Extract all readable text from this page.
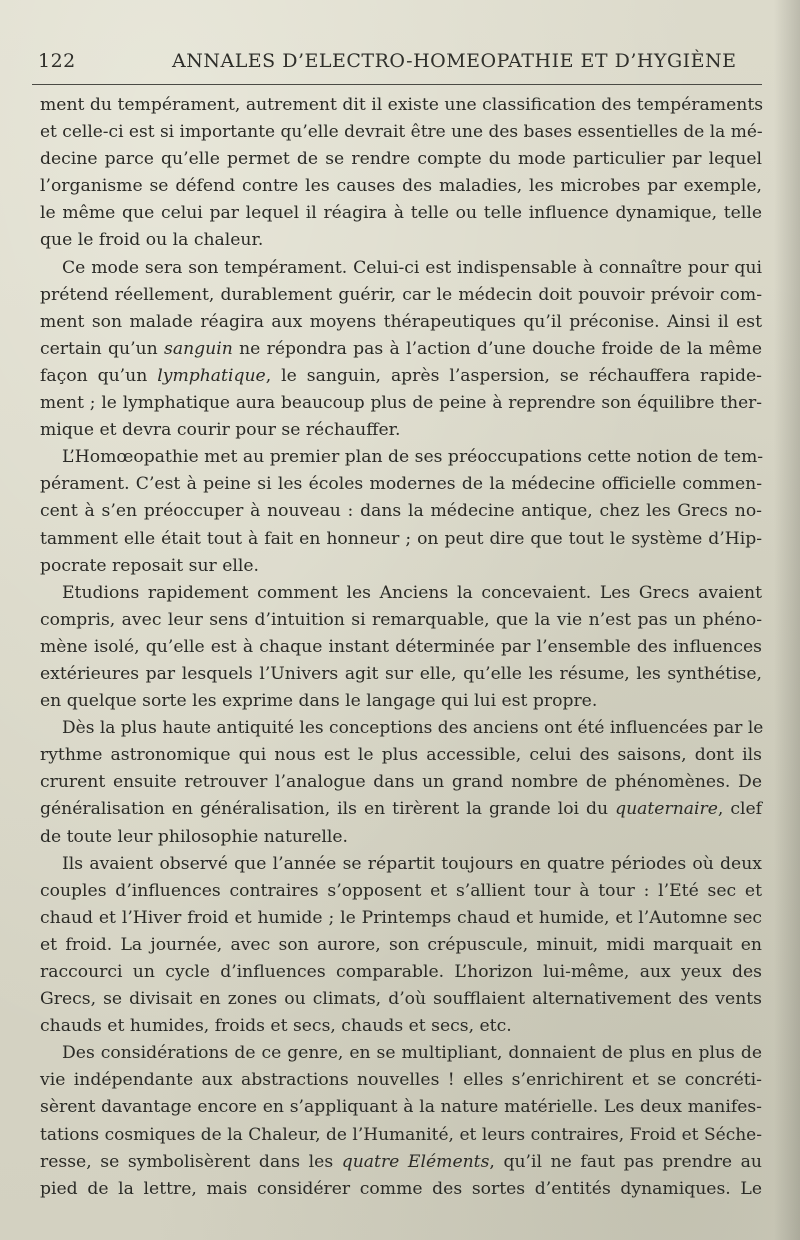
122	ANNALES D’ELECTRO-HOMEOPATHIE ET D’HYGIÈNE
ment du tempérament, autrement dit il existe une classification des tempéraments
et celle-ci est si importante qu’elle devrait être une des bases essentielles de la mé-
decine parce qu’elle permet de se rendre compte du mode particulier par lequel
l’organisme se défend contre les causes des maladies, les microbes par exemple,
le même que celui par lequel il réagira à telle ou telle influence dynamique, telle
que le froid ou la chaleur.
Ce mode sera son tempérament. Celui-ci est indispensable à connaître pour qui
prétend réellement, durablement guérir, car le médecin doit pouvoir prévoir com-
ment son malade réagira aux moyens thérapeutiques qu’il préconise. Ainsi il est
certain qu’un sanguin ne répondra pas à l’action d’une douche froide de la même
façon qu’un lymphatique, le sanguin, après l’aspersion, se réchauffera rapide-
ment ; le lymphatique aura beaucoup plus de peine à reprendre son équilibre ther-
mique et devra courir pour se réchauffer.
L’Homœopathie met au premier plan de ses préoccupations cette notion de tem-
pérament. C’est à peine si les écoles modernes de la médecine officielle commen-
cent à s’en préoccuper à nouveau : dans la médecine antique, chez les Grecs no-
tamment elle était tout à fait en honneur ; on peut dire que tout le système d’Hip-
pocrate reposait sur elle.
Etudions rapidement comment les Anciens la concevaient. Les Grecs avaient
compris, avec leur sens d’intuition si remarquable, que la vie n’est pas un phéno-
mène isolé, qu’elle est à chaque instant déterminée par l’ensemble des influences
extérieures par lesquels l’Univers agit sur elle, qu’elle les résume, les synthétise,
en quelque sorte les exprime dans le langage qui lui est propre.
Dès la plus haute antiquité les conceptions des anciens ont été influencées par le
rythme astronomique qui nous est le plus accessible, celui des saisons, dont ils
crurent ensuite retrouver l’analogue dans un grand nombre de phénomènes. De
généralisation en généralisation, ils en tirèrent la grande loi du quaternaire, clef
de toute leur philosophie naturelle.
Ils avaient observé que l’année se répartit toujours en quatre périodes où deux
couples d’influences contraires s’opposent et s’allient tour à tour : l’Eté sec et
chaud et l’Hiver froid et humide ; le Printemps chaud et humide, et l’Automne sec
et froid. La journée, avec son aurore, son crépuscule, minuit, midi marquait en
raccourci un cycle d’influences comparable. L’horizon lui-même, aux yeux des
Grecs, se divisait en zones ou climats, d’où soufflaient alternativement des vents
chauds et humides, froids et secs, chauds et secs, etc.
Des considérations de ce genre, en se multipliant, donnaient de plus en plus de
vie indépendante aux abstractions nouvelles ! elles s’enrichirent et se concréti-
sèrent davantage encore en s’appliquant à la nature matérielle. Les deux manifes-
tations cosmiques de la Chaleur, de l’Humanité, et leurs contraires, Froid et Séche-
resse, se symbolisèrent dans les quatre Eléments, qu’il ne faut pas prendre au
pied de la lettre, mais considérer comme des sortes d’entités dynamiques. Le
